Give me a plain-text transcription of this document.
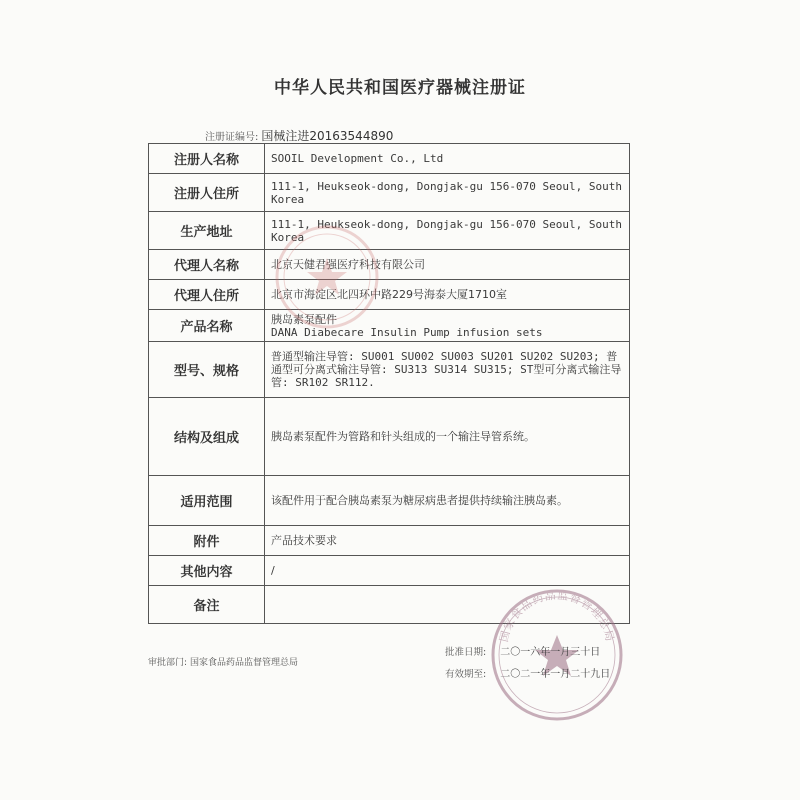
中华人民共和国医疗器械注册证
注册证编号: 国械注进20163544890
注册人名称	SOOIL Development Co., Ltd
注册人住所	111-1, Heukseok-dong, Dongjak-gu 156-070 Seoul, South Korea
生产地址	111-1, Heukseok-dong, Dongjak-gu 156-070 Seoul, South Korea
代理人名称	北京天健君强医疗科技有限公司
代理人住所	北京市海淀区北四环中路229号海泰大厦1710室
产品名称	胰岛素泵配件
DANA Diabecare Insulin Pump infusion sets

型号、规格	普通型输注导管: SU001 SU002 SU003 SU201 SU202 SU203; 普通型可分离式输注导管: SU313 SU314 SU315; ST型可分离式输注导管: SR102 SR112.
结构及组成	胰岛素泵配件为管路和针头组成的一个输注导管系统。
适用范围	该配件用于配合胰岛素泵为糖尿病患者提供持续输注胰岛素。
附件	产品技术要求
其他内容	/
备注	
国家食品药品监督管理总局
审批部门: 国家食品药品监督管理总局
批准日期: 二〇一六年一月三十日
有效期至: 二〇二一年一月二十九日
